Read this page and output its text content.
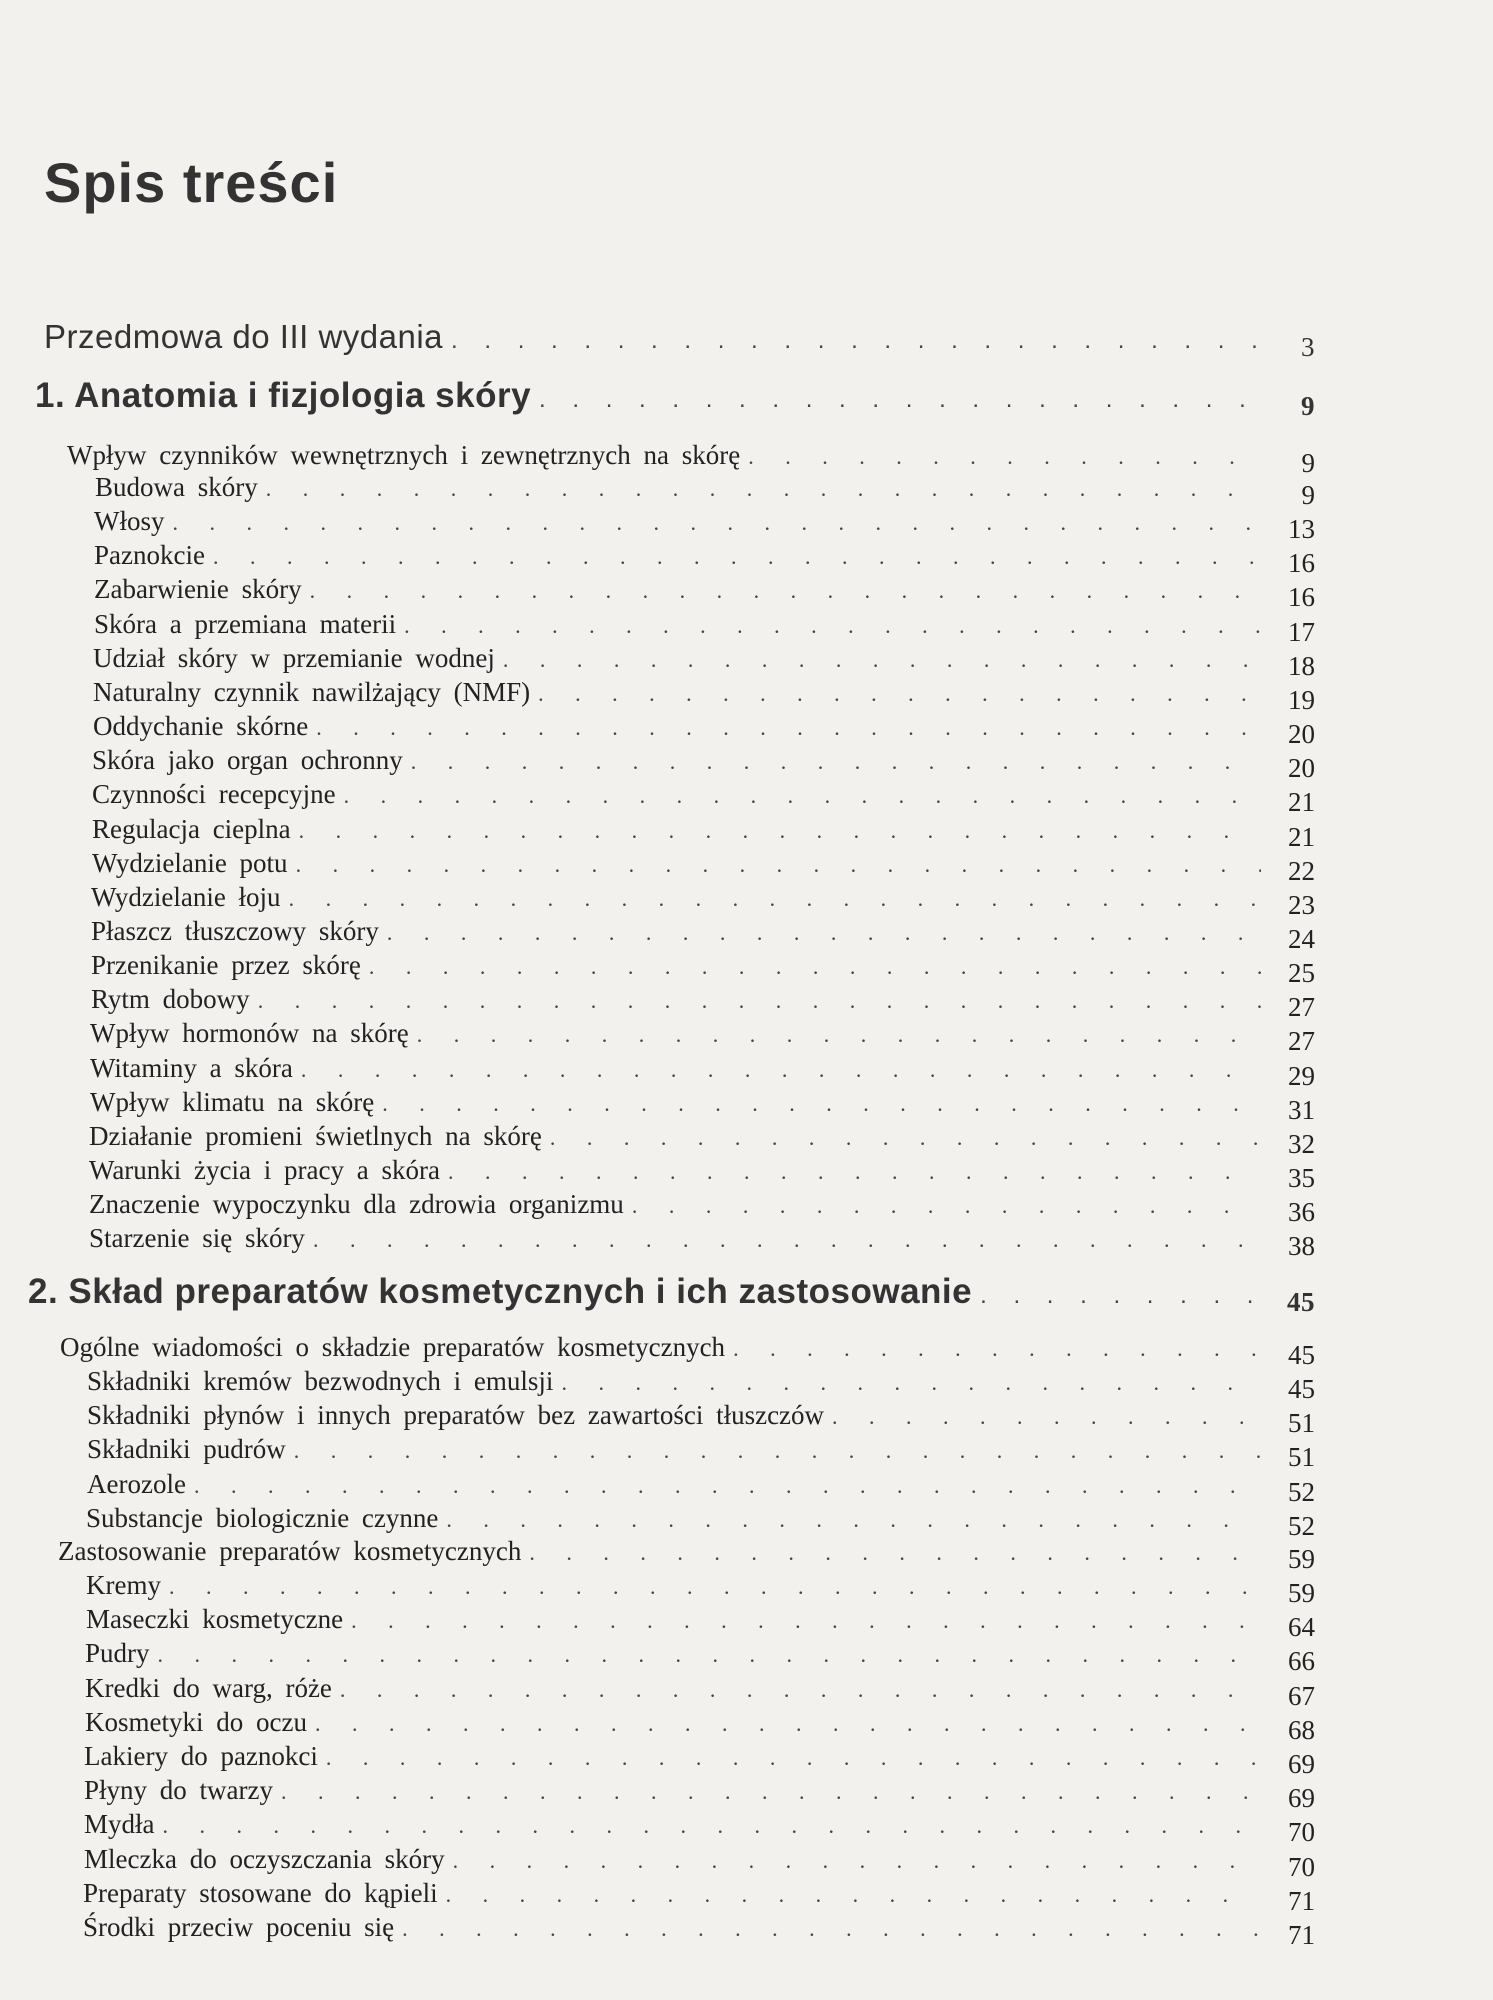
Spis treści
Przedmowa do III wydania . . .	3
1. Anatomia i fizjologia skóry . . .	9
Wpływ czynników wewnętrznych i zewnętrznych na skórę . . .	9
Budowa skóry . . .	9
Włosy . . .	13
Paznokcie . . .	16
Zabarwienie skóry . . .	16
Skóra a przemiana materii . . .	17
Udział skóry w przemianie wodnej . . .	18
Naturalny czynnik nawilżający (NMF) . . .	19
Oddychanie skórne . . .	20
Skóra jako organ ochronny . . .	20
Czynności recepcyjne . . .	21
Regulacja cieplna . . .	21
Wydzielanie potu . . .	22
Wydzielanie łoju . . .	23
Płaszcz tłuszczowy skóry . . .	24
Przenikanie przez skórę . . .	25
Rytm dobowy . . .	27
Wpływ hormonów na skórę . . .	27
Witaminy a skóra . . .	29
Wpływ klimatu na skórę . . .	31
Działanie promieni świetlnych na skórę . . .	32
Warunki życia i pracy a skóra . . .	35
Znaczenie wypoczynku dla zdrowia organizmu . . .	36
Starzenie się skóry . . .	38
2. Skład preparatów kosmetycznych i ich zastosowanie . . .	45
Ogólne wiadomości o składzie preparatów kosmetycznych . . .	45
Składniki kremów bezwodnych i emulsji . . .	45
Składniki płynów i innych preparatów bez zawartości tłuszczów . . .	51
Składniki pudrów . . .	51
Aerozole . . .	52
Substancje biologicznie czynne . . .	52
Zastosowanie preparatów kosmetycznych . . .	59
Kremy . . .	59
Maseczki kosmetyczne . . .	64
Pudry . . .	66
Kredki do warg, róże . . .	67
Kosmetyki do oczu . . .	68
Lakiery do paznokci . . .	69
Płyny do twarzy . . .	69
Mydła . . .	70
Mleczka do oczyszczania skóry . . .	70
Preparaty stosowane do kąpieli . . .	71
Środki przeciw poceniu się . . .	71
